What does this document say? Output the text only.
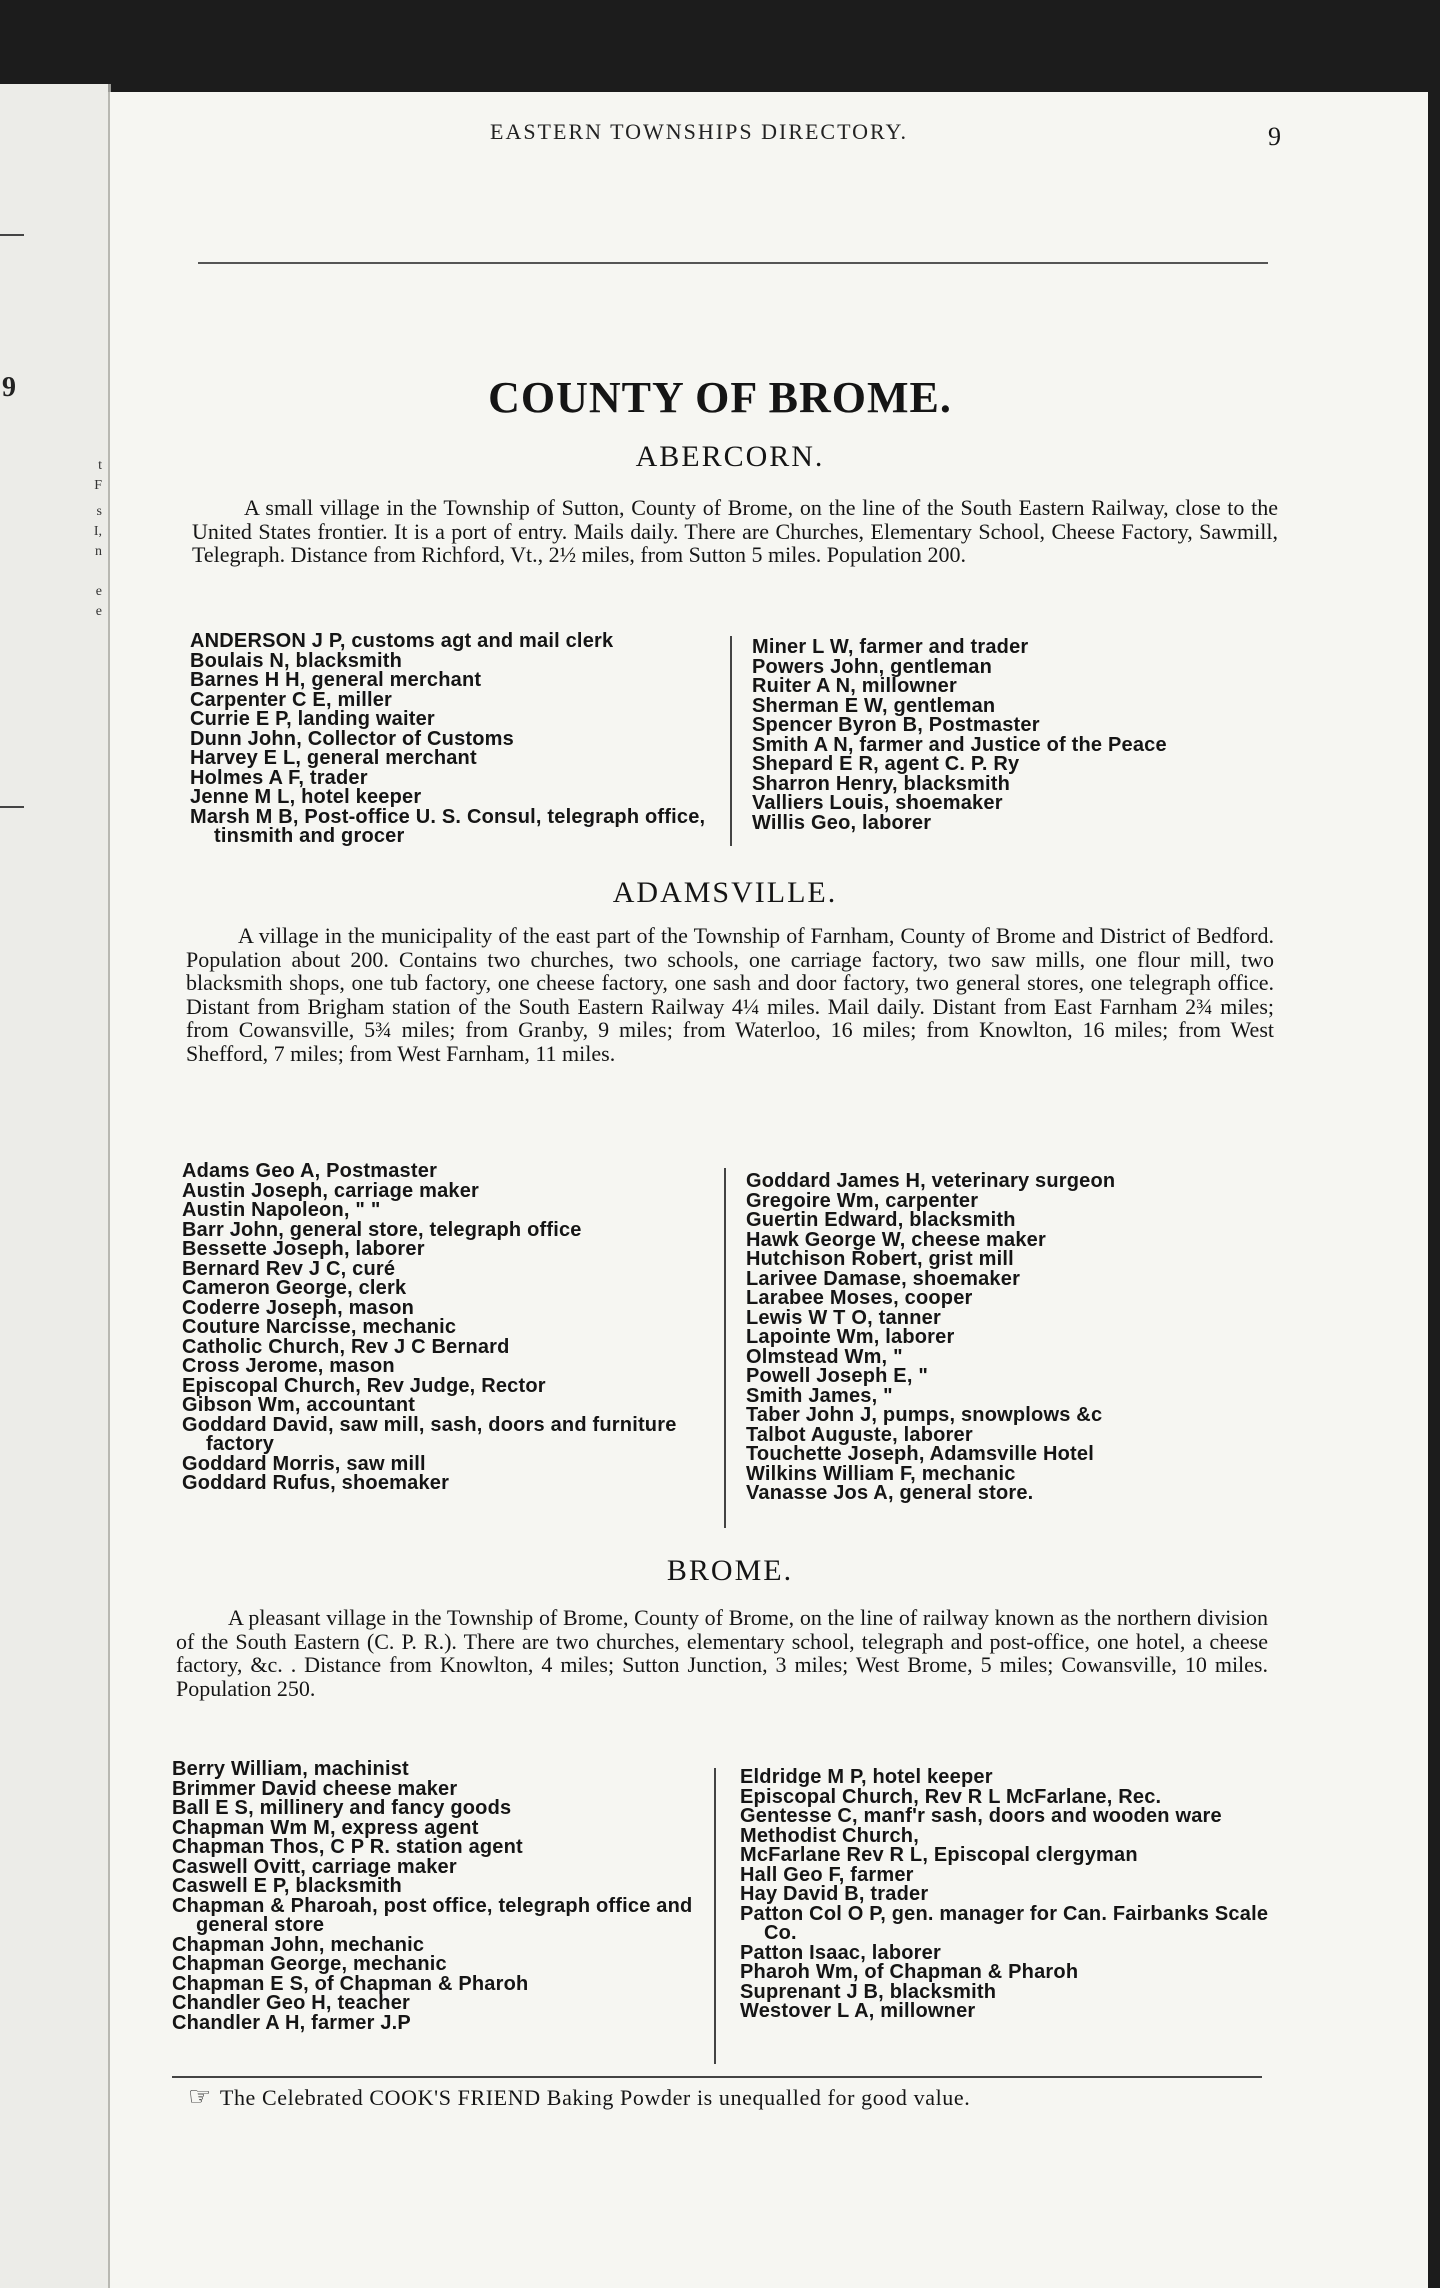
9
t
F
s
I,
n
e
e
EASTERN TOWNSHIPS DIRECTORY.	9
COUNTY OF BROME.
ABERCORN.

A small village in the Township of Sutton, County of Brome, on the line of the South Eastern Railway, close to the United States frontier. It is a port of entry. Mails daily. There are Churches, Elementary School, Cheese Factory, Sawmill, Telegraph. Distance from Richford, Vt., 2½ miles, from Sutton 5 miles. Population 200.

ANDERSON J P, customs agt and mail clerk
Boulais N, blacksmith
Barnes H H, general merchant
Carpenter C E, miller
Currie E P, landing waiter
Dunn John, Collector of Customs
Harvey E L, general merchant
Holmes A F, trader
Jenne M L, hotel keeper
Marsh M B, Post-office U. S. Consul, telegraph office, tinsmith and grocer
Miner L W, farmer and trader
Powers John, gentleman
Ruiter A N, millowner
Sherman E W, gentleman
Spencer Byron B, Postmaster
Smith A N, farmer and Justice of the Peace
Shepard E R, agent C. P. Ry
Sharron Henry, blacksmith
Valliers Louis, shoemaker
Willis Geo, laborer
ADAMSVILLE.

A village in the municipality of the east part of the Township of Farnham, County of Brome and District of Bedford. Population about 200. Contains two churches, two schools, one carriage factory, two saw mills, one flour mill, two blacksmith shops, one tub factory, one cheese factory, one sash and door factory, two general stores, one telegraph office. Distant from Brigham station of the South Eastern Railway 4¼ miles. Mail daily. Distant from East Farnham 2¾ miles; from Cowansville, 5¾ miles; from Granby, 9 miles; from Waterloo, 16 miles; from Knowlton, 16 miles; from West Shefford, 7 miles; from West Farnham, 11 miles.

Adams Geo A, Postmaster
Austin Joseph, carriage maker
Austin Napoleon, " "
Barr John, general store, telegraph office
Bessette Joseph, laborer
Bernard Rev J C, curé
Cameron George, clerk
Coderre Joseph, mason
Couture Narcisse, mechanic
Catholic Church, Rev J C Bernard
Cross Jerome, mason
Episcopal Church, Rev Judge, Rector
Gibson Wm, accountant
Goddard David, saw mill, sash, doors and furniture factory
Goddard Morris, saw mill
Goddard Rufus, shoemaker
Goddard James H, veterinary surgeon
Gregoire Wm, carpenter
Guertin Edward, blacksmith
Hawk George W, cheese maker
Hutchison Robert, grist mill
Larivee Damase, shoemaker
Larabee Moses, cooper
Lewis W T O, tanner
Lapointe Wm, laborer
Olmstead Wm, "
Powell Joseph E, "
Smith James, "
Taber John J, pumps, snowplows &c
Talbot Auguste, laborer
Touchette Joseph, Adamsville Hotel
Wilkins William F, mechanic
Vanasse Jos A, general store.
BROME.

A pleasant village in the Township of Brome, County of Brome, on the line of railway known as the northern division of the South Eastern (C. P. R.). There are two churches, elementary school, telegraph and post-office, one hotel, a cheese factory, &c. . Distance from Knowlton, 4 miles; Sutton Junction, 3 miles; West Brome, 5 miles; Cowansville, 10 miles. Population 250.

Berry William, machinist
Brimmer David cheese maker
Ball E S, millinery and fancy goods
Chapman Wm M, express agent
Chapman Thos, C P R. station agent
Caswell Ovitt, carriage maker
Caswell E P, blacksmith
Chapman & Pharoah, post office, telegraph office and general store
Chapman John, mechanic
Chapman George, mechanic
Chapman E S, of Chapman & Pharoh
Chandler Geo H, teacher
Chandler A H, farmer J.P
Eldridge M P, hotel keeper
Episcopal Church, Rev R L McFarlane, Rec.
Gentesse C, manf'r sash, doors and wooden ware
Methodist Church,
McFarlane Rev R L, Episcopal clergyman
Hall Geo F, farmer
Hay David B, trader
Patton Col O P, gen. manager for Can. Fairbanks Scale Co.
Patton Isaac, laborer
Pharoh Wm, of Chapman & Pharoh
Suprenant J B, blacksmith
Westover L A, millowner
☞ The Celebrated COOK'S FRIEND Baking Powder is unequalled for good value.
